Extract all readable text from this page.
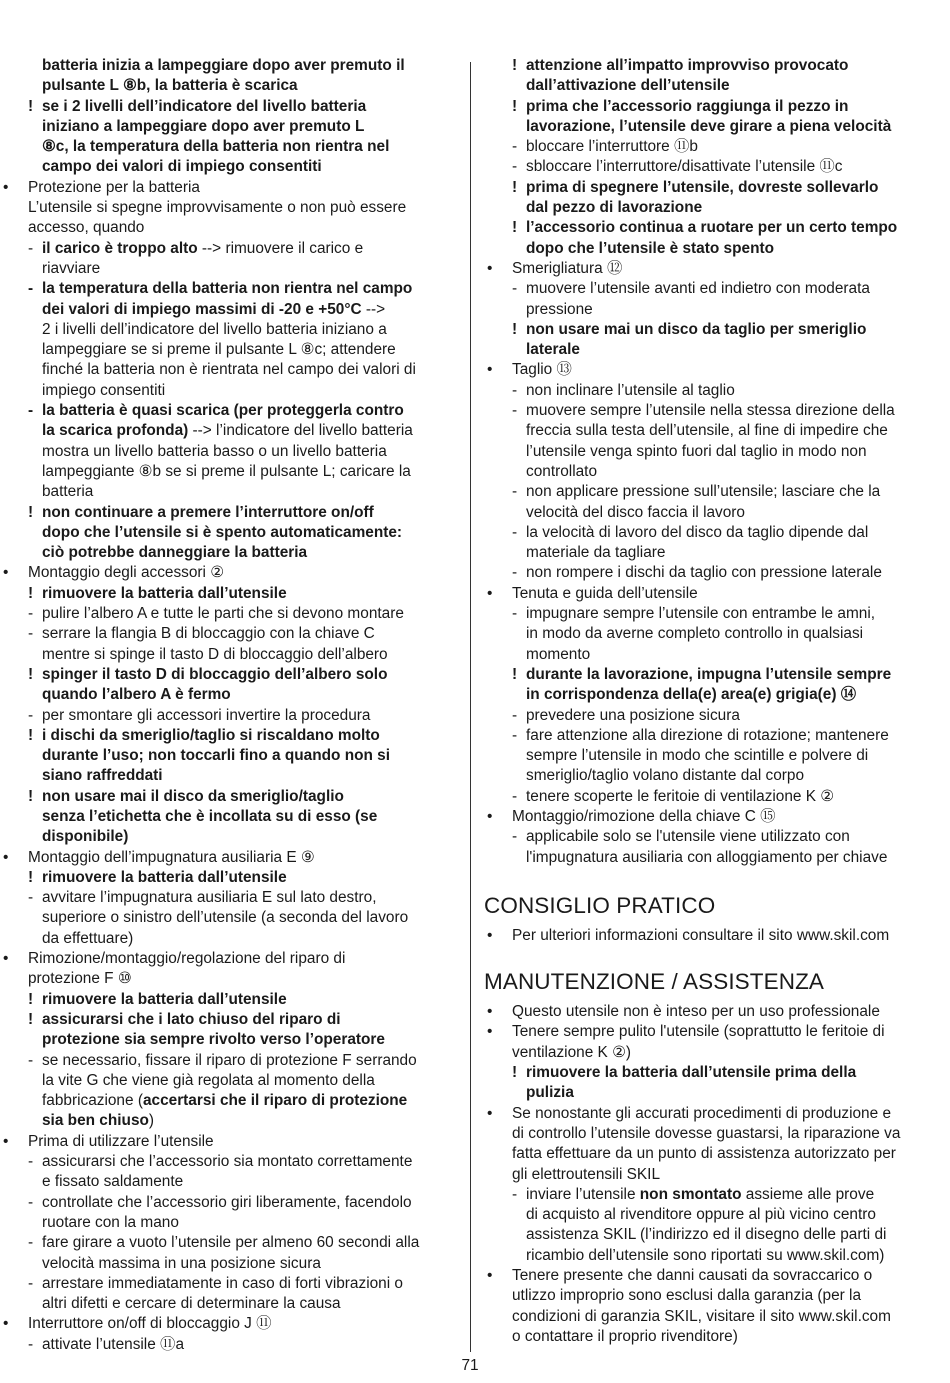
batteria inizia a lampeggiare dopo aver premuto il
pulsante L ⑧b, la batteria è scarica
! se i 2 livelli dell’indicatore del livello batteria
iniziano a lampeggiare dopo aver premuto L
⑧c, la temperatura della batteria non rientra nel
campo dei valori di impiego consentiti
• Protezione per la batteria
L’utensile si spegne improvvisamente o non può essere
accesso, quando
- il carico è troppo alto --> rimuovere il carico e
riavviare
- la temperatura della batteria non rientra nel campo
dei valori di impiego massimi di -20 e +50°C -->
2 i livelli dell’indicatore del livello batteria iniziano a
lampeggiare se si preme il pulsante L ⑧c; attendere
finché la batteria non è rientrata nel campo dei valori di
impiego consentiti
- la batteria è quasi scarica (per proteggerla contro
la scarica profonda) --> l’indicatore del livello batteria
mostra un livello batteria basso o un livello batteria
lampeggiante ⑧b se si preme il pulsante L; caricare la
batteria
! non continuare a premere l’interruttore on/off
dopo che l’utensile si è spento automaticamente:
ciò potrebbe danneggiare la batteria
• Montaggio degli accessori ②
! rimuovere la batteria dall’utensile
- pulire l’albero A e tutte le parti che si devono montare
- serrare la flangia B di bloccaggio con la chiave C
mentre si spinge il tasto D di bloccaggio dell’albero
! spinger il tasto D di bloccaggio dell’albero solo
quando l’albero A è fermo
- per smontare gli accessori invertire la procedura
! i dischi da smeriglio/taglio si riscaldano molto
durante l’uso; non toccarli fino a quando non si
siano raffreddati
! non usare mai il disco da smeriglio/taglio
senza l’etichetta che è incollata su di esso (se
disponibile)
• Montaggio dell’impugnatura ausiliaria E ⑨
! rimuovere la batteria dall’utensile
- avvitare l’impugnatura ausiliaria E sul lato destro,
superiore o sinistro dell’utensile (a seconda del lavoro
da effettuare)
• Rimozione/montaggio/regolazione del riparo di
protezione F ⑩
! rimuovere la batteria dall’utensile
! assicurarsi che i lato chiuso del riparo di
protezione sia sempre rivolto verso l’operatore
- se necessario, fissare il riparo di protezione F serrando
la vite G che viene già regolata al momento della
fabbricazione (accertarsi che il riparo di protezione
sia ben chiuso)
• Prima di utilizzare l’utensile
- assicurarsi che l’accessorio sia montato correttamente
e fissato saldamente
- controllate che l’accessorio giri liberamente, facendolo
ruotare con la mano
- fare girare a vuoto l’utensile per almeno 60 secondi alla
velocità massima in una posizione sicura
- arrestare immediatamente in caso di forti vibrazioni o
altri difetti e cercare di determinare la causa
• Interruttore on/off di bloccaggio J ⑪
- attivate l’utensile ⑪a
! attenzione all’impatto improvviso provocato
dall’attivazione dell’utensile
! prima che l’accessorio raggiunga il pezzo in
lavorazione, l’utensile deve girare a piena velocità
- bloccare l’interruttore ⑪b
- sbloccare l’interruttore/disattivate l’utensile ⑪c
! prima di spegnere l’utensile, dovreste sollevarlo
dal pezzo di lavorazione
! l’accessorio continua a ruotare per un certo tempo
dopo che l’utensile è stato spento
• Smerigliatura ⑫
- muovere l’utensile avanti ed indietro con moderata
pressione
! non usare mai un disco da taglio per smeriglio
laterale
• Taglio ⑬
- non inclinare l’utensile al taglio
- muovere sempre l’utensile nella stessa direzione della
freccia sulla testa dell’utensile, al fine di impedire che
l’utensile venga spinto fuori dal taglio in modo non
controllato
- non applicare pressione sull’utensile; lasciare che la
velocità del disco faccia il lavoro
- la velocità di lavoro del disco da taglio dipende dal
materiale da tagliare
- non rompere i dischi da taglio con pressione laterale
• Tenuta e guida dell’utensile
- impugnare sempre l’utensile con entrambe le amni,
in modo da averne completo controllo in qualsiasi
momento
! durante la lavorazione, impugna l’utensile sempre
in corrispondenza della(e) area(e) grigia(e) ⑭
- prevedere una posizione sicura
- fare attenzione alla direzione di rotazione; mantenere
sempre l’utensile in modo che scintille e polvere di
smeriglio/taglio volano distante dal corpo
- tenere scoperte le feritoie di ventilazione K ②
• Montaggio/rimozione della chiave C ⑮
- applicabile solo se l'utensile viene utilizzato con
l'impugnatura ausiliaria con alloggiamento per chiave
CONSIGLIO PRATICO
• Per ulteriori informazioni consultare il sito www.skil.com
MANUTENZIONE / ASSISTENZA
• Questo utensile non è inteso per un uso professionale
• Tenere sempre pulito l'utensile (soprattutto le feritoie di
ventilazione K ②)
! rimuovere la batteria dall’utensile prima della
pulizia
• Se nonostante gli accurati procedimenti di produzione e
di controllo l’utensile dovesse guastarsi, la riparazione va
fatta effettuare da un punto di assistenza autorizzato per
gli elettroutensili SKIL
- inviare l’utensile non smontato assieme alle prove
di acquisto al rivenditore oppure al più vicino centro
assistenza SKIL (l’indirizzo ed il disegno delle parti di
ricambio dell’utensile sono riportati su www.skil.com)
• Tenere presente che danni causati da sovraccarico o
utlizzo improprio sono esclusi dalla garanzia (per la
condizioni di garanzia SKIL, visitare il sito www.skil.com
o contattare il proprio rivenditore)
71
